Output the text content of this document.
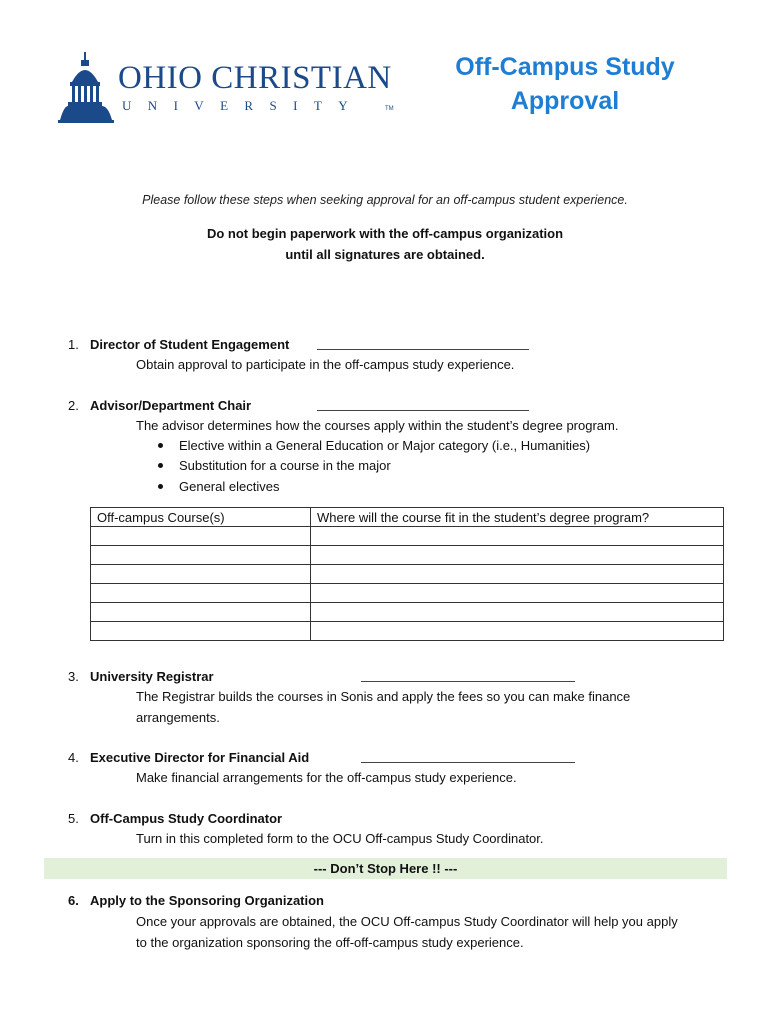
OHIO CHRISTIAN
UNIVERSITY	TM
Off-Campus Study
Approval
Please follow these steps when seeking approval for an off-campus student experience.
Do not begin paperwork with the off-campus organization
until all signatures are obtained.
1. Director of Student Engagement
Obtain approval to participate in the off-campus study experience.
2. Advisor/Department Chair
The advisor determines how the courses apply within the student’s degree program.
Elective within a General Education or Major category (i.e., Humanities)
Substitution for a course in the major
General electives
Off-campus Course(s)	Where will the course fit in the student’s degree program?

3. University Registrar
The Registrar builds the courses in Sonis and apply the fees so you can make finance
arrangements.
4. Executive Director for Financial Aid
Make financial arrangements for the off-campus study experience.
5. Off-Campus Study Coordinator
Turn in this completed form to the OCU Off-campus Study Coordinator.
--- Don’t Stop Here !! ---
6. Apply to the Sponsoring Organization
Once your approvals are obtained, the OCU Off-campus Study Coordinator will help you apply
to the organization sponsoring the off-off-campus study experience.
